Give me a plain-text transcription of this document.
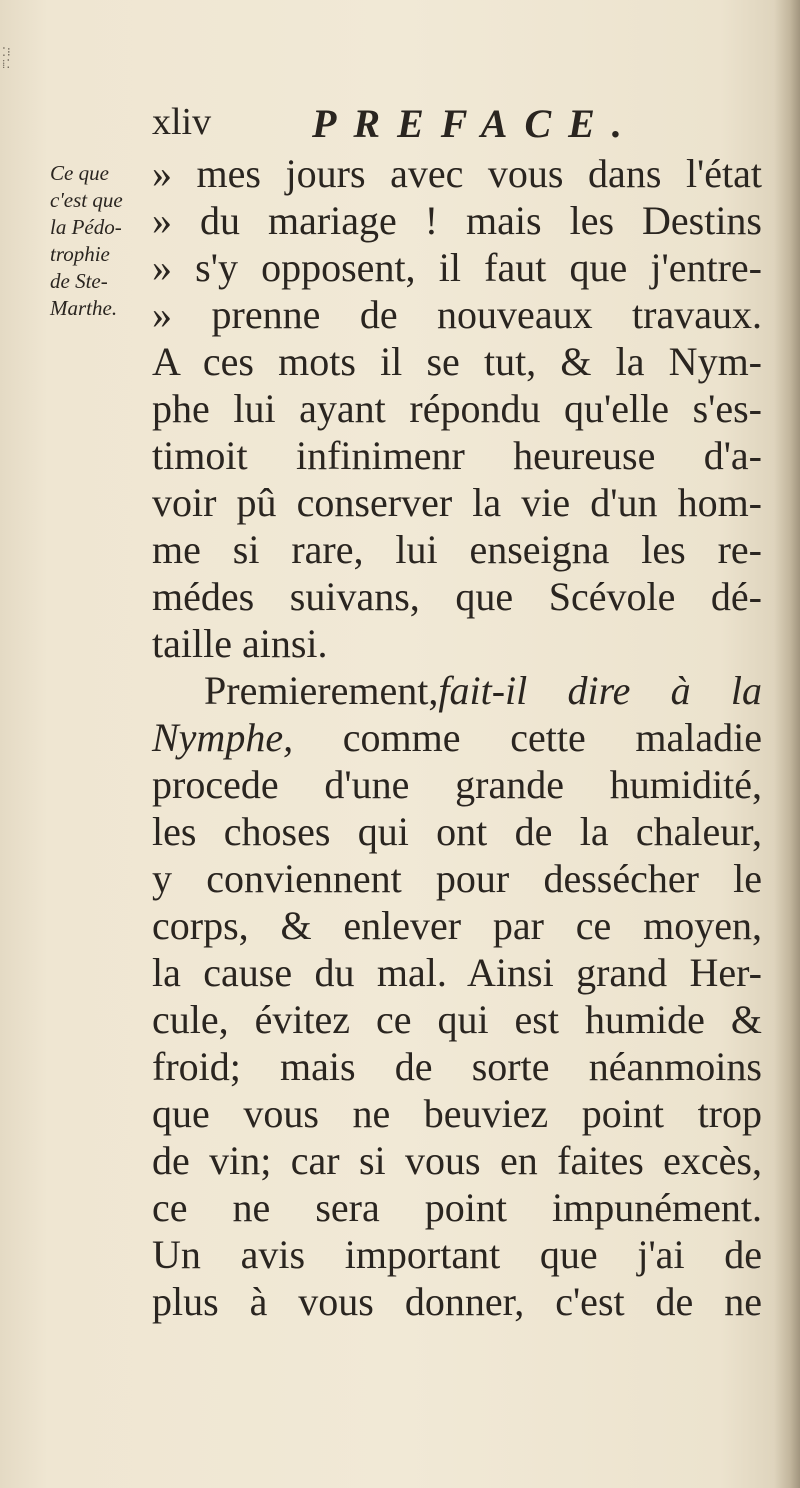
⁚⁝
⁞⁚
xliv	PREFACE.
Ce que
c'est que
la Pédo-
trophie
de Ste-
Marthe.
» mes jours avec vous dans l'état
» du mariage ! mais les Destins
» s'y opposent, il faut que j'entre-
» prenne de nouveaux travaux.
A ces mots il se tut, & la Nym-
phe lui ayant répondu qu'elle s'es-
timoit infinimenr heureuse d'a-
voir pû conserver la vie d'un hom-
me si rare, lui enseigna les re-
médes suivans, que Scévole dé-
taille ainsi.
Premierement,fait-il dire à la
Nymphe, comme cette maladie
procede d'une grande humidité,
les choses qui ont de la chaleur,
y conviennent pour dessécher le
corps, & enlever par ce moyen,
la cause du mal. Ainsi grand Her-
cule, évitez ce qui est humide &
froid; mais de sorte néanmoins
que vous ne beuviez point trop
de vin; car si vous en faites excès,
ce ne sera point impunément.
Un avis important que j'ai de
plus à vous donner, c'est de ne
